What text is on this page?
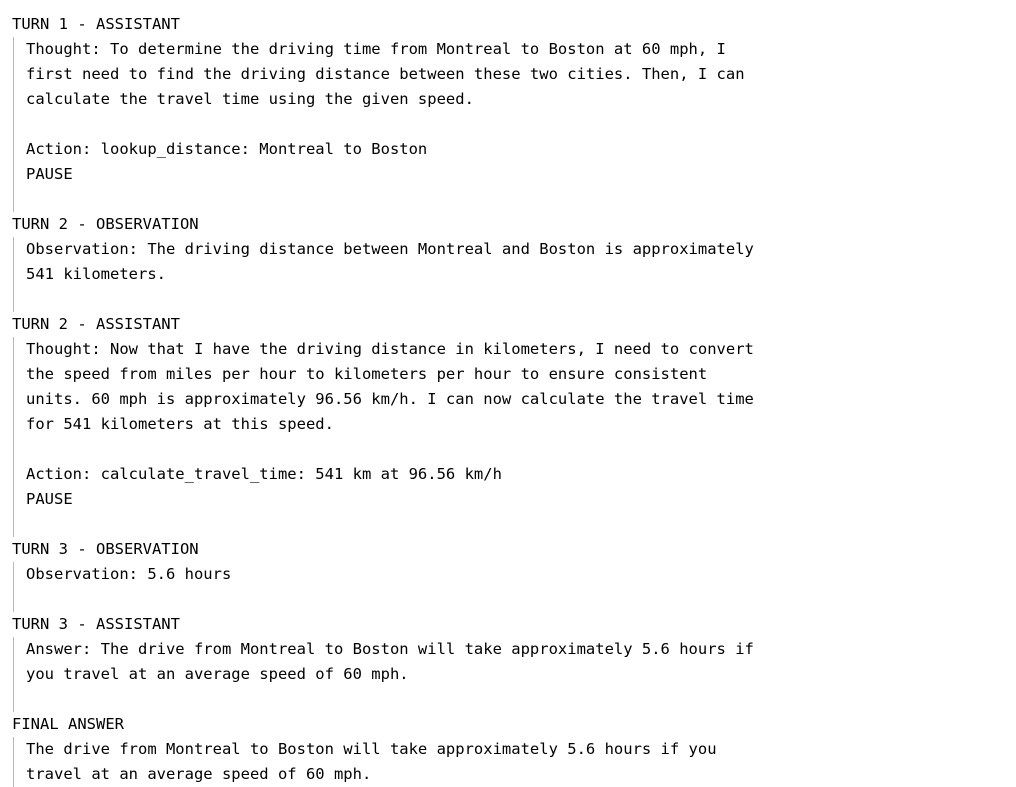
TURN 1 - ASSISTANT
Thought: To determine the driving time from Montreal to Boston at 60 mph, I
first need to find the driving distance between these two cities. Then, I can
calculate the travel time using the given speed.
Action: lookup_distance: Montreal to Boston
PAUSE
TURN 2 - OBSERVATION
Observation: The driving distance between Montreal and Boston is approximately
541 kilometers.
TURN 2 - ASSISTANT
Thought: Now that I have the driving distance in kilometers, I need to convert
the speed from miles per hour to kilometers per hour to ensure consistent
units. 60 mph is approximately 96.56 km/h. I can now calculate the travel time
for 541 kilometers at this speed.
Action: calculate_travel_time: 541 km at 96.56 km/h
PAUSE
TURN 3 - OBSERVATION
Observation: 5.6 hours
TURN 3 - ASSISTANT
Answer: The drive from Montreal to Boston will take approximately 5.6 hours if
you travel at an average speed of 60 mph.
FINAL ANSWER
The drive from Montreal to Boston will take approximately 5.6 hours if you
travel at an average speed of 60 mph.
